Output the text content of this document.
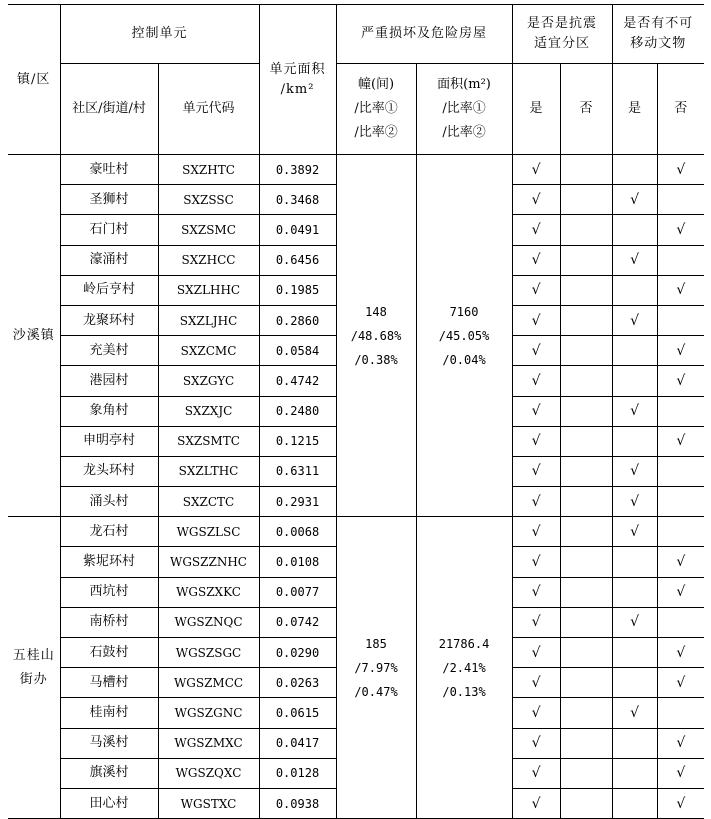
镇/区	控制单元		单元面积
/km²	严重损坏及危险房屋		是否是抗震
适宜分区		是否有不可
移动文物	

	社区/街道/村	单元代码		幢(间)
/比率①
/比率②	面积(m²)
/比率①
/比率②	是	否	是	否

沙溪镇	豪吐村	SXZHTC	0.3892	148
/48.68%
/0.38%	7160
/45.05%
/0.04%	√			√
	圣狮村	SXZSSC	0.3468			√		√	
	石门村	SXZSMC	0.0491			√			√
	濠涌村	SXZHCC	0.6456			√		√	
	岭后亨村	SXZLHHC	0.1985			√			√
	龙聚环村	SXZLJHC	0.2860			√		√	
	充美村	SXZCMC	0.0584			√			√
	港园村	SXZGYC	0.4742			√			√
	象角村	SXZXJC	0.2480			√		√	
	申明亭村	SXZSMTC	0.1215			√			√
	龙头环村	SXZLTHC	0.6311			√		√	
	涌头村	SXZCTC	0.2931			√		√	

五桂山
街办	龙石村	WGSZLSC	0.0068	185
/7.97%
/0.47%	21786.4
/2.41%
/0.13%	√		√	
	紫坭环村	WGSZZNHC	0.0108			√			√
	西坑村	WGSZXKC	0.0077			√			√
	南桥村	WGSZNQC	0.0742			√		√	
	石鼓村	WGSZSGC	0.0290			√			√
	马槽村	WGSZMCC	0.0263			√			√
	桂南村	WGSZGNC	0.0615			√		√	
	马溪村	WGSZMXC	0.0417			√			√
	旗溪村	WGSZQXC	0.0128			√			√
	田心村	WGSTXC	0.0938			√			√
